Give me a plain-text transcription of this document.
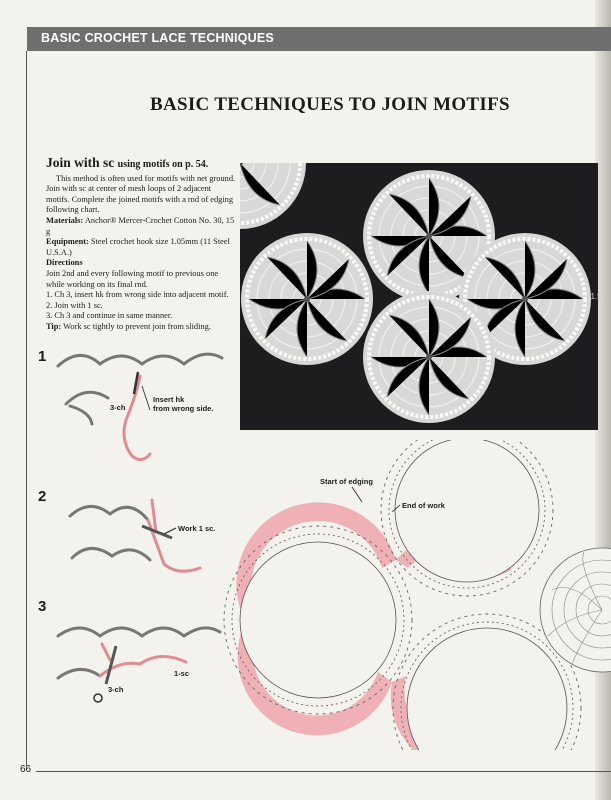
BASIC CROCHET LACE TECHNIQUES
66
BASIC TECHNIQUES TO JOIN MOTIFS
Join with sc using motifs on p. 54.

This method is often used for motifs with net ground. Join with sc at center of mesh loops of 2 adjacent motifs. Complete the joined motifs with a rnd of edging following chart.

Materials: Anchor® Mercer-Crochet Cotton No. 30, 15 g

Equipment: Steel crochet hook size 1.05mm (11 Steel U.S.A.)

Directions

Join 2nd and every following motif to previous one while working on its final rnd.

1. Ch 3, insert hk from wrong side into adjacent motif.

2. Join with 1 sc.

3. Ch 3 and continue in same manner.

Tip: Work sc tightly to prevent join from sliding.

21.5
1
3-ch
Insert hk
from wrong side.
2
Work 1 sc.
3
1-sc
3-ch
Start of edging
End of work
